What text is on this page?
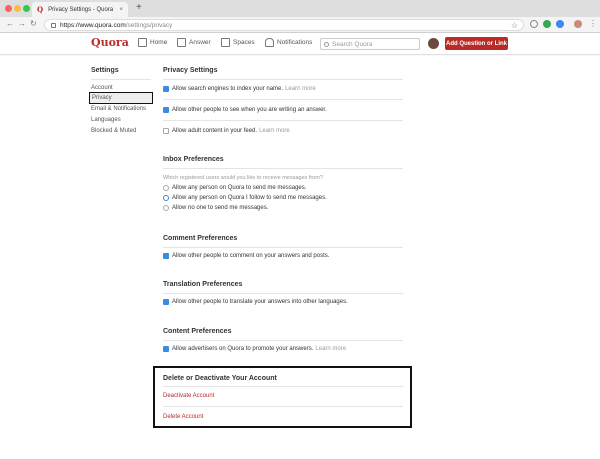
Q Privacy Settings - Quora	× +
← → ↻	https://www.quora.com /settings/privacy	☆	⋮
Quora	Home	Answer	Spaces	Notifications
Search Quora	Add Question or Link
Settings
Account
Privacy
Email & Notifications
Languages
Blocked & Muted
Privacy Settings
Allow search engines to index your name. Learn more
Allow other people to see when you are writing an answer.
Allow adult content in your feed. Learn more
Inbox Preferences
Which registered users would you like to receive messages from?
Allow any person on Quora to send me messages.
Allow any person on Quora I follow to send me messages.
Allow no one to send me messages.
Comment Preferences
Allow other people to comment on your answers and posts.
Translation Preferences
Allow other people to translate your answers into other languages.
Content Preferences
Allow advertisers on Quora to promote your answers. Learn more
Delete or Deactivate Your Account
Deactivate Account
Delete Account
